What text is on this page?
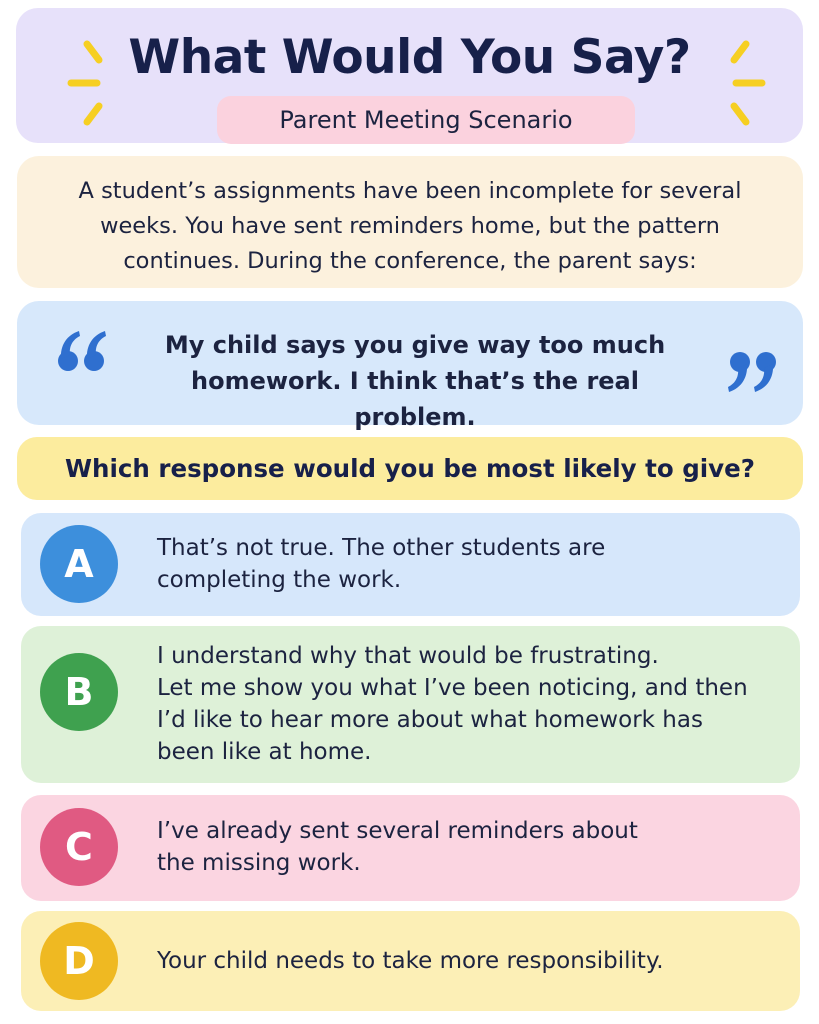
What Would You Say?
Parent Meeting Scenario

A student’s assignments have been incomplete for several
weeks. You have sent reminders home, but the pattern
continues. During the conference, the parent says:

My child says you give way too much
homework. I think that’s the real problem.

Which response would you be most likely to give?

A	That’s not true. The other students are
completing the work.
B
I understand why that would be frustrating.
Let me show you what I’ve been noticing, and then
I’d like to hear more about what homework has
been like at home.
C	I’ve already sent several reminders about
the missing work.
D	Your child needs to take more responsibility.
